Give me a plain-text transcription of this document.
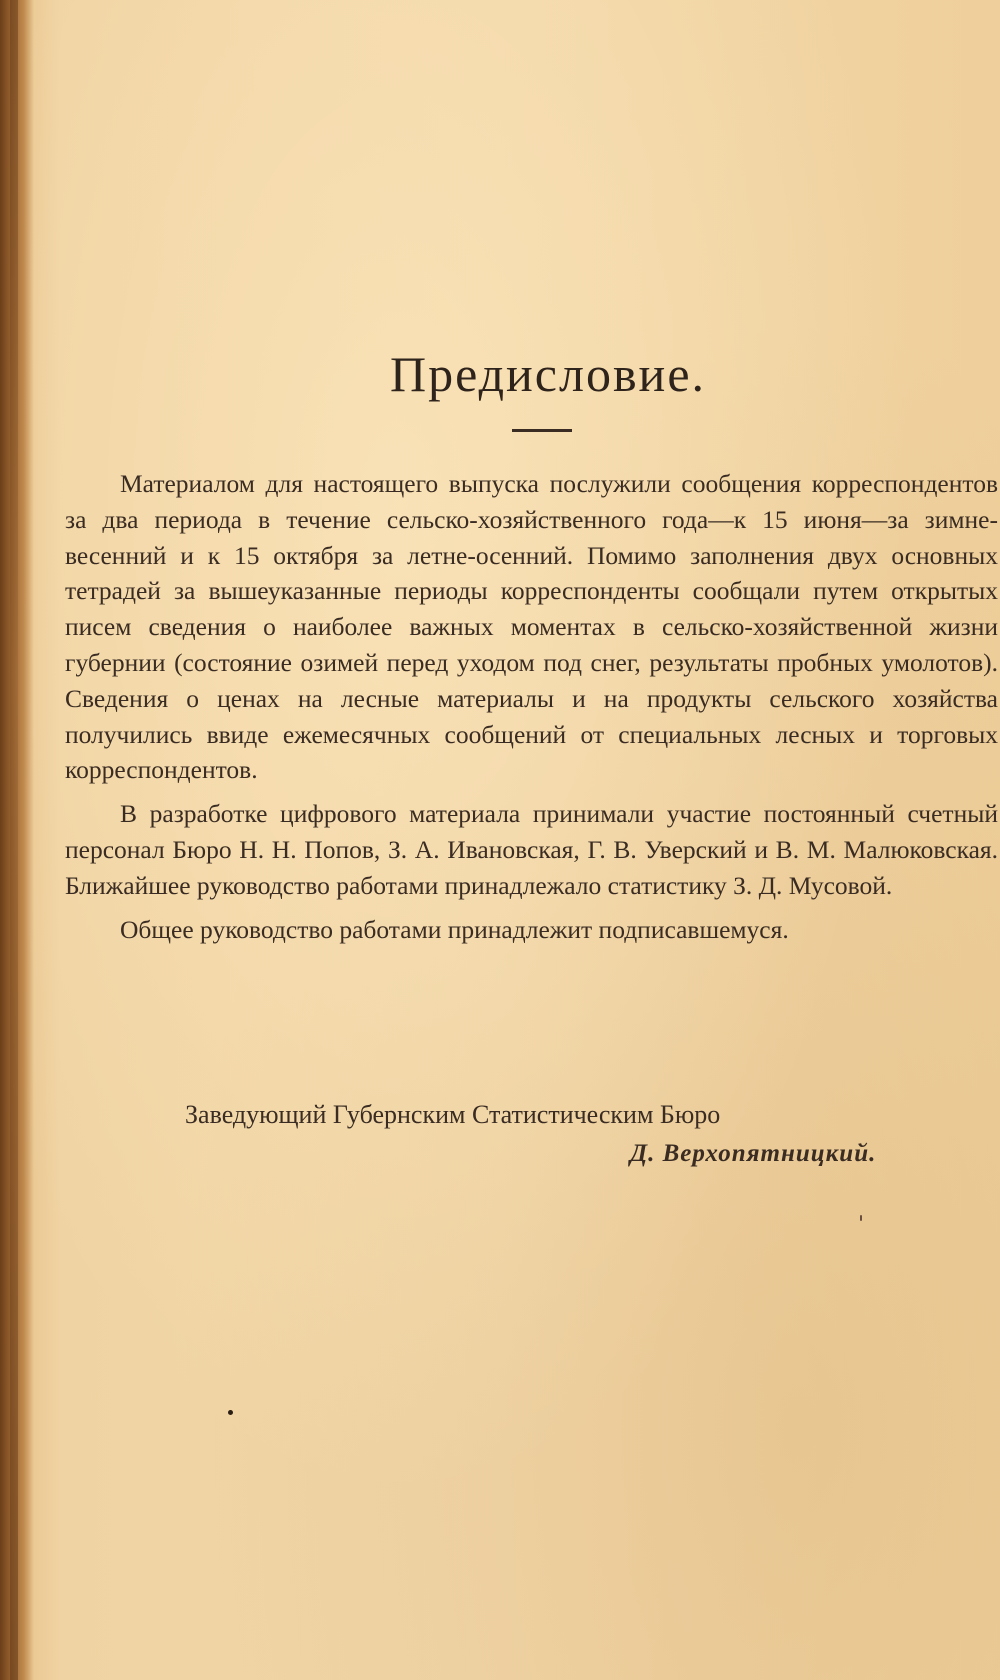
Предисловие.

Материалом для настоящего выпуска послужили сообщения корреспондентов за два периода в течение сельско-хозяйственного года—к 15 июня—за зимне-весенний и к 15 октября за летне-осенний. Помимо заполнения двух основных тетрадей за вышеуказанные периоды корреспонденты сообщали путем открытых писем сведения о наиболее важных моментах в сельско-хозяйственной жизни губернии (состояние озимей перед уходом под снег, результаты пробных умолотов). Сведения о ценах на лесные материалы и на продукты сельского хозяйства получились ввиде ежемесячных сообщений от специальных лесных и торговых корреспондентов.

В разработке цифрового материала принимали участие постоянный счетный персонал Бюро Н. Н. Попов, З. А. Ивановская, Г. В. Уверский и В. М. Малюковская. Ближайшее руководство работами принадлежало статистику З. Д. Мусовой.

Общее руководство работами принадлежит подписавшемуся.

Заведующий Губернским Статистическим Бюро

Д. Верхопятницкий.
